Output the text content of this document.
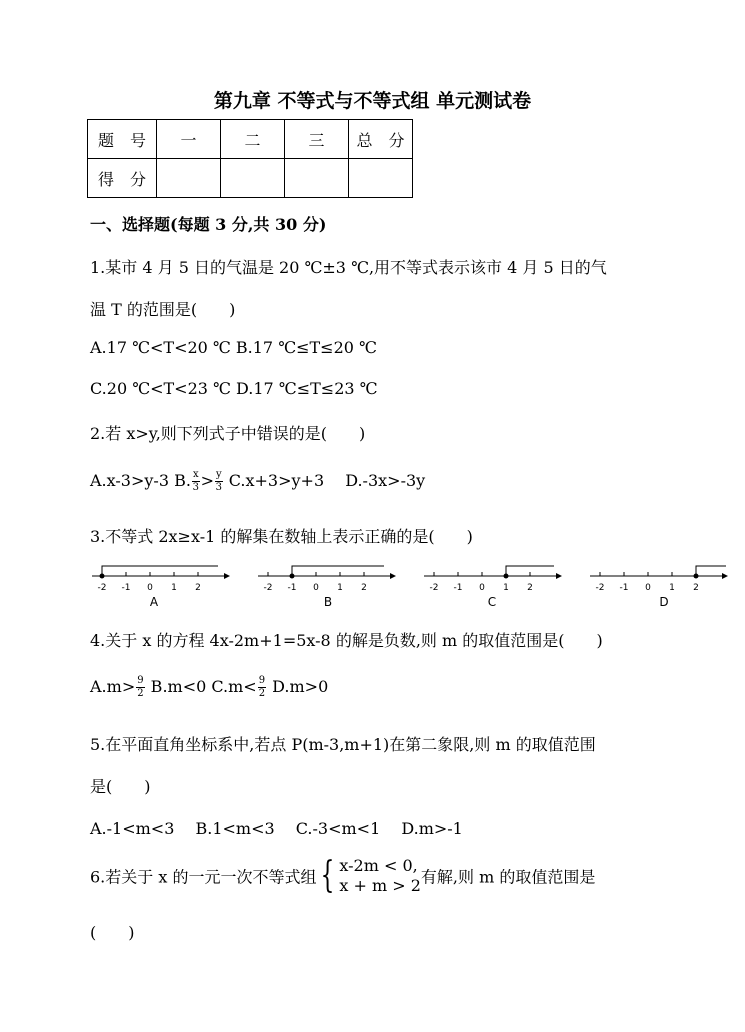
第九章 不等式与不等式组 单元测试卷
题　号	一	二	三	总　分
得　分				
一、选择题(每题 3 分,共 30 分)
1.某市 4 月 5 日的气温是 20 ℃±3 ℃,用不等式表示该市 4 月 5 日的气
温 T 的范围是(　　)
A.17 ℃<T<20 ℃ B.17 ℃≤T≤20 ℃
C.20 ℃<T<23 ℃ D.17 ℃≤T≤23 ℃
2.若 x>y,则下列式子中错误的是(　　)
A.x-3>y-3 B. $\frac{x}{3} > \frac{y}{3} C.x+3>y+3$　 D.-3x>-3y
3.不等式 2x≥x-1 的解集在数轴上表示正确的是(　　)
-2 -1 0 1 2
A
-2 -1 0 1 2
B
-2 -1 0 1 2
C
-2 -1 0 1 2
D
4.关于 x 的方程 4x-2m+1=5x-8 的解是负数,则 m 的取值范围是(　　)
$A.m> \frac{9}{2} B.m<0$ $C.m< \frac{9}{2} D.m>0$
5.在平面直角坐标系中,若点 P(m-3,m+1)在第二象限,则 m 的取值范围
是(　　)
A.-1<m<3　 B.1<m<3　 C.-3<m<1　 D.m>-1
6.若关于 x 的一元一次不等式组 { x-2m < 0,
x + m > 2 有解,则 m 的取值范围是
(　　)
